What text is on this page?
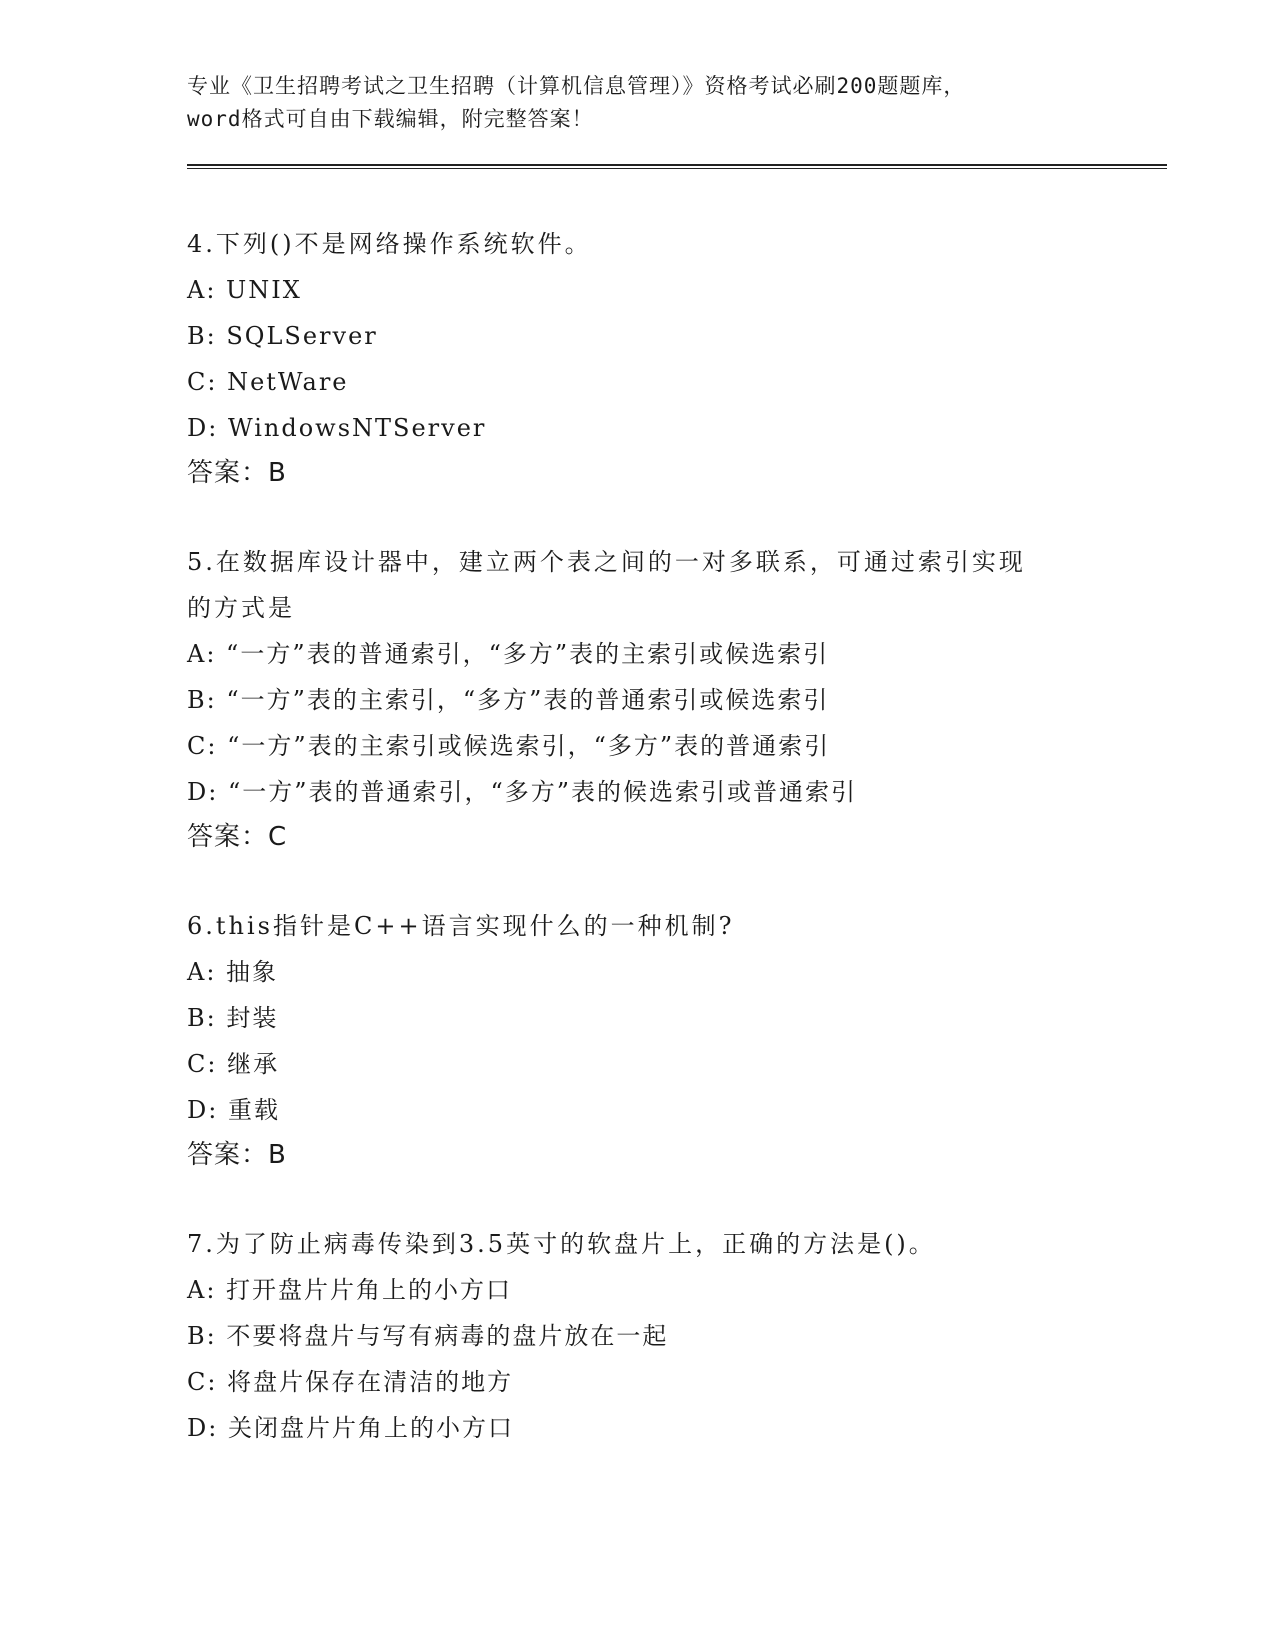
专业《卫生招聘考试之卫生招聘（计算机信息管理）》资格考试必刷200题题库，
word格式可自由下载编辑，附完整答案！
4.下列()不是网络操作系统软件。
A: UNIX
B: SQLServer
C: NetWare
D: WindowsNTServer
答案：B
5.在数据库设计器中，建立两个表之间的一对多联系，可通过索引实现的方式是
A: “一方”表的普通索引，“多方”表的主索引或候选索引
B: “一方”表的主索引，“多方”表的普通索引或候选索引
C: “一方”表的主索引或候选索引，“多方”表的普通索引
D: “一方”表的普通索引，“多方”表的候选索引或普通索引
答案：C
6.this指针是C++语言实现什么的一种机制?
A: 抽象
B: 封装
C: 继承
D: 重载
答案：B
7.为了防止病毒传染到3.5英寸的软盘片上，正确的方法是()。
A: 打开盘片片角上的小方口
B: 不要将盘片与写有病毒的盘片放在一起
C: 将盘片保存在清洁的地方
D: 关闭盘片片角上的小方口
